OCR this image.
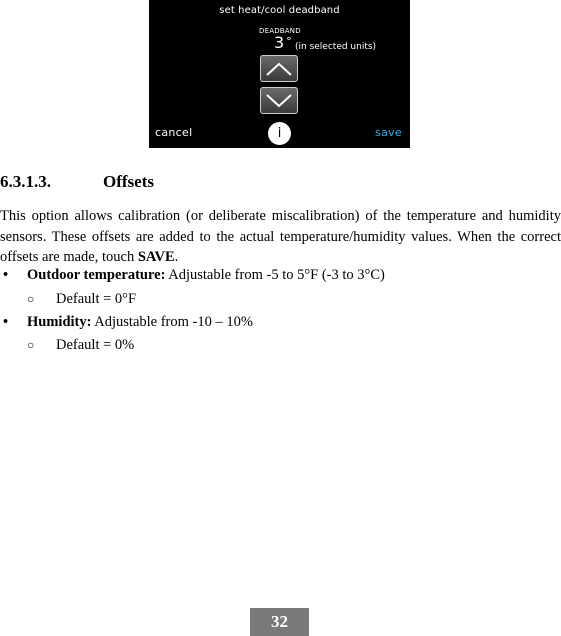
set heat/cool deadband
DEADBAND
3 ° (in selected units)
cancel	i	save
6.3.1.3.	Offsets

This option allows calibration (or deliberate miscalibration) of the temperature and humidity sensors. These offsets are added to the actual temperature/humidity values. When the correct offsets are made, touch SAVE.

• Outdoor temperature: Adjustable from -5 to 5°F (-3 to 3°C)
○ Default = 0°F
• Humidity: Adjustable from -10 – 10%
○ Default = 0%
32
